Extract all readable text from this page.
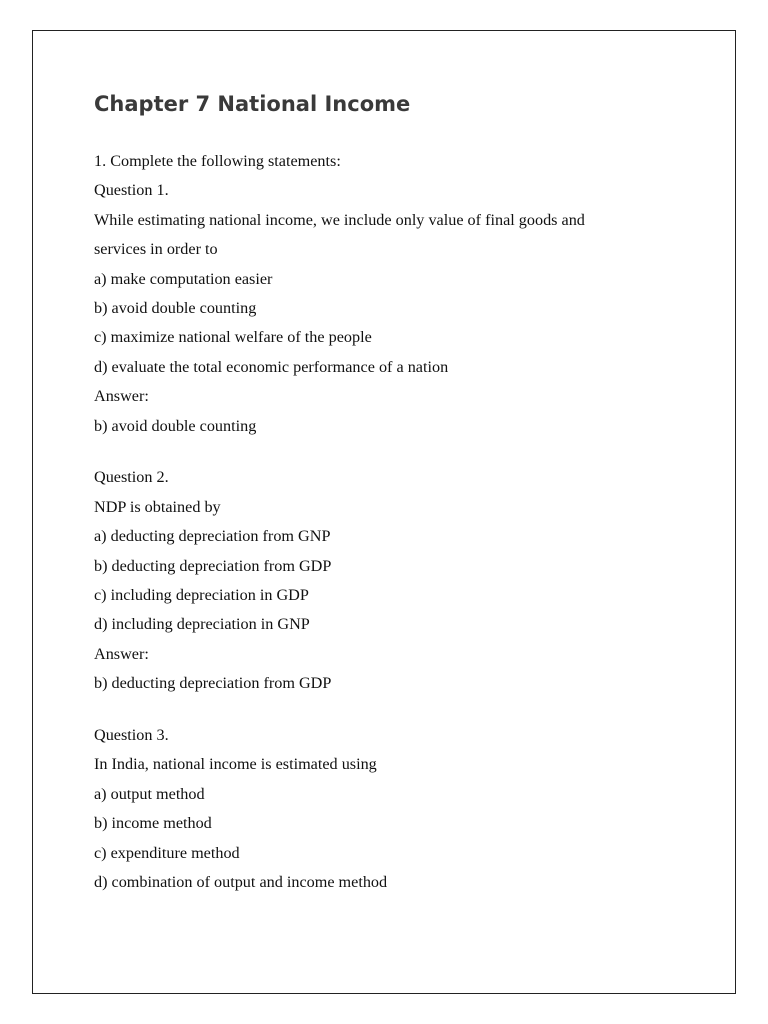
Chapter 7 National Income
1. Complete the following statements:
Question 1.
While estimating national income, we include only value of final goods and
services in order to
a) make computation easier
b) avoid double counting
c) maximize national welfare of the people
d) evaluate the total economic performance of a nation
Answer:
b) avoid double counting
Question 2.
NDP is obtained by
a) deducting depreciation from GNP
b) deducting depreciation from GDP
c) including depreciation in GDP
d) including depreciation in GNP
Answer:
b) deducting depreciation from GDP
Question 3.
In India, national income is estimated using
a) output method
b) income method
c) expenditure method
d) combination of output and income method
